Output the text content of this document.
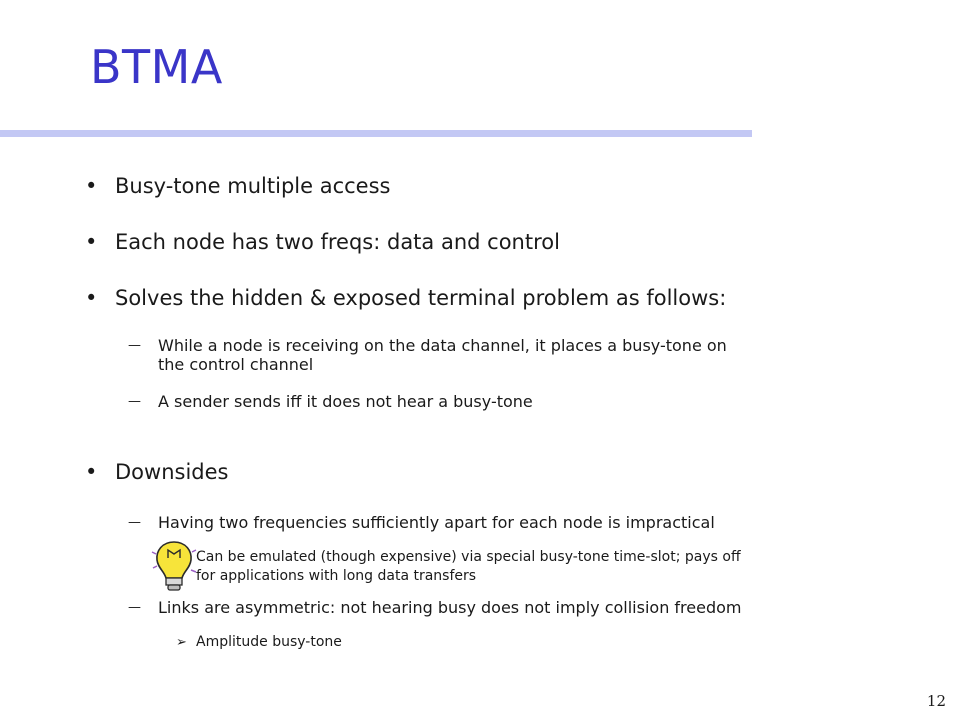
BTMA
• Busy-tone multiple access
• Each node has two freqs: data and control
• Solves the hidden & exposed terminal problem as follows:
—	While a node is receiving on the data channel, it places a busy-tone on
the control channel
—	A sender sends iff it does not hear a busy-tone
• Downsides
—	Having two frequencies sufficiently apart for each node is impractical
Can be emulated (though expensive) via special busy-tone time-slot; pays off
for applications with long data transfers
—	Links are asymmetric: not hearing busy does not imply collision freedom
➢ Amplitude busy-tone
12
